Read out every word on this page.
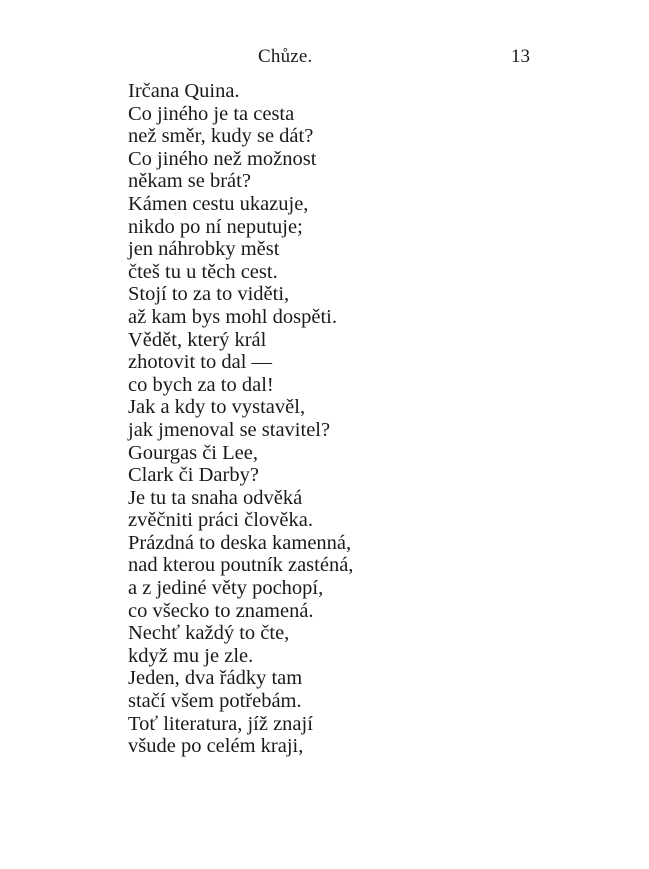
Chůze.	13
Irčana Quina.
Co jiného je ta cesta
než směr, kudy se dát?
Co jiného než možnost
někam se brát?
Kámen cestu ukazuje,
nikdo po ní neputuje;
jen náhrobky měst
čteš tu u těch cest.
Stojí to za to viděti,
až kam bys mohl dospěti.
Vědět, který král
zhotovit to dal —
co bych za to dal!
Jak a kdy to vystavěl,
jak jmenoval se stavitel?
Gourgas či Lee,
Clark či Darby?
Je tu ta snaha odvěká
zvěčniti práci člověka.
Prázdná to deska kamenná,
nad kterou poutník zasténá,
a z jediné věty pochopí,
co všecko to znamená.
Nechť každý to čte,
když mu je zle.
Jeden, dva řádky tam
stačí všem potřebám.
Toť literatura, jíž znají
všude po celém kraji,
